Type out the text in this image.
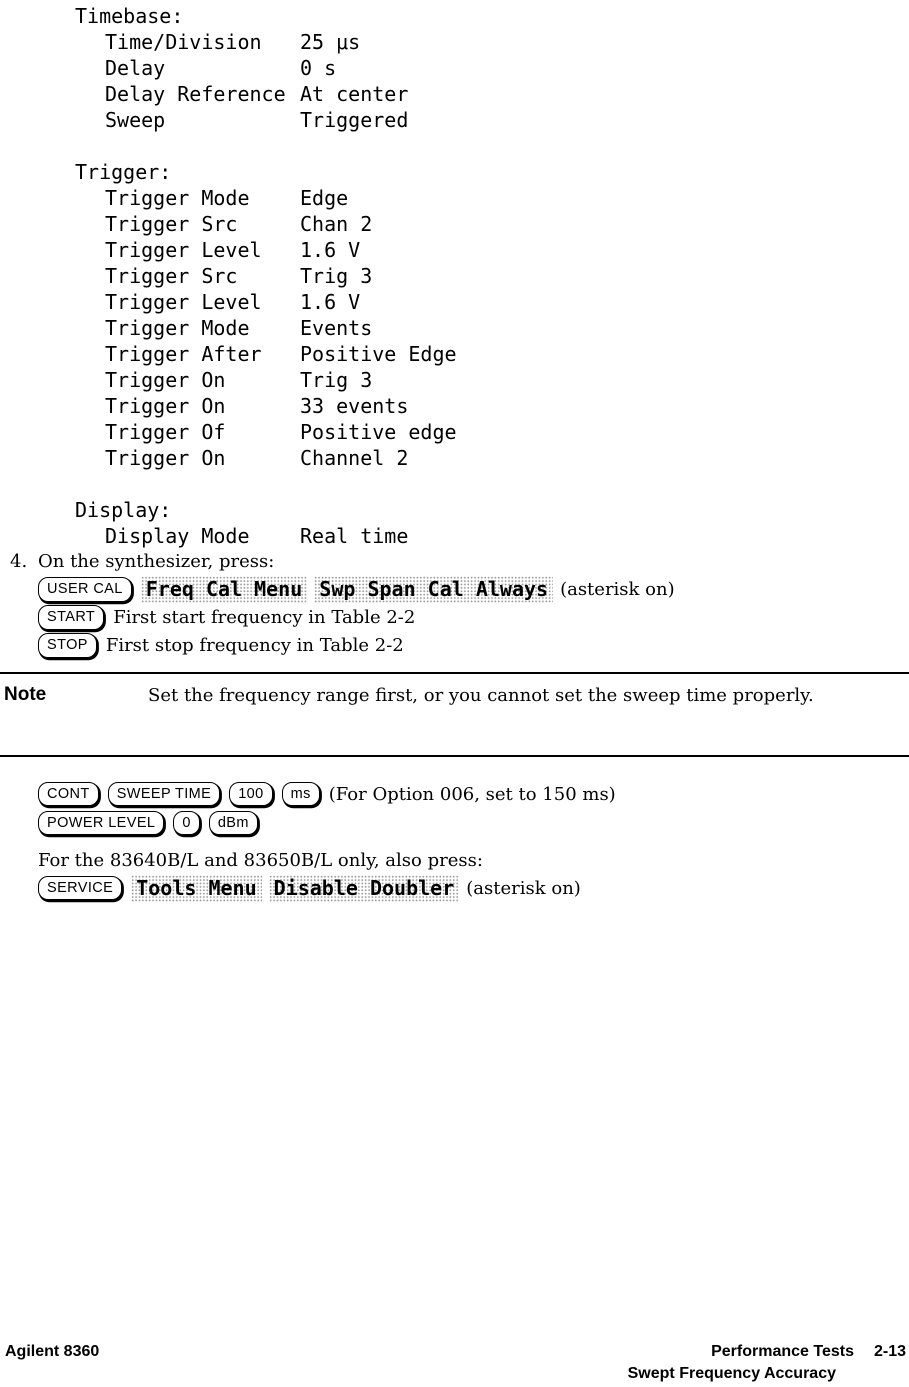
Timebase:
Time/Division	25 μs
Delay	0 s
Delay Reference At center
Sweep	Triggered
Trigger:
Trigger Mode	Edge
Trigger Src	Chan 2
Trigger Level	1.6 V
Trigger Src	Trig 3
Trigger Level	1.6 V
Trigger Mode	Events
Trigger After	Positive Edge
Trigger On	Trig 3
Trigger On	33 events
Trigger Of	Positive edge
Trigger On	Channel 2
Display:
Display Mode	Real time
4. On the synthesizer, press:
USER CAL	Freq Cal Menu Swp Span Cal Always (asterisk on)
START	First start frequency in Table 2-2
STOP	First stop frequency in Table 2-2
Note	Set the frequency range first, or you cannot set the sweep time properly.
CONT	SWEEP TIME	100	ms	(For Option 006, set to 150 ms)
POWER LEVEL	0	dBm
For the 83640B/L and 83650B/L only, also press:
SERVICE	Tools Menu Disable Doubler (asterisk on)
Agilent 8360	Performance Tests 2-13
Swept Frequency Accuracy
